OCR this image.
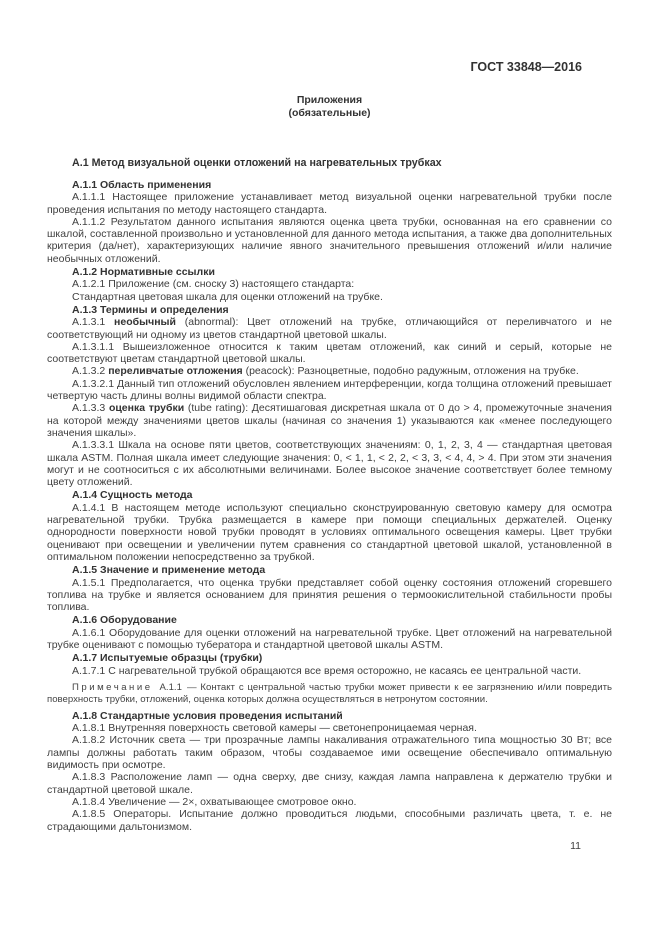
ГОСТ 33848—2016
Приложения
(обязательные)
А.1 Метод визуальной оценки отложений на нагревательных трубках

А.1.1 Область применения

А.1.1.1 Настоящее приложение устанавливает метод визуальной оценки нагревательной трубки после проведения испытания по методу настоящего стандарта.

А.1.1.2 Результатом данного испытания являются оценка цвета трубки, основанная на его сравнении со шкалой, составленной произвольно и установленной для данного метода испытания, а также два дополнительных критерия (да/нет), характеризующих наличие явного значительного превышения отложений и/или наличие необычных отложений.

А.1.2 Нормативные ссылки

А.1.2.1 Приложение (см. сноску 3) настоящего стандарта:

Стандартная цветовая шкала для оценки отложений на трубке.

А.1.3 Термины и определения

А.1.3.1 необычный (abnormal): Цвет отложений на трубке, отличающийся от переливчатого и не соответствующий ни одному из цветов стандартной цветовой шкалы.

А.1.3.1.1 Вышеизложенное относится к таким цветам отложений, как синий и серый, которые не соответствуют цветам стандартной цветовой шкалы.

А.1.3.2 переливчатые отложения (peacock): Разноцветные, подобно радужным, отложения на трубке.

А.1.3.2.1 Данный тип отложений обусловлен явлением интерференции, когда толщина отложений превышает четвертую часть длины волны видимой области спектра.

А.1.3.3 оценка трубки (tube rating): Десятишаговая дискретная шкала от 0 до > 4, промежуточные значения на которой между значениями цветов шкалы (начиная со значения 1) указываются как «менее последующего значения шкалы».

А.1.3.3.1 Шкала на основе пяти цветов, соответствующих значениям: 0, 1, 2, 3, 4 — стандартная цветовая шкала ASTM. Полная шкала имеет следующие значения: 0, < 1, 1, < 2, 2, < 3, 3, < 4, 4, > 4. При этом эти значения могут и не соотноситься с их абсолютными величинами. Более высокое значение соответствует более темному цвету отложений.

А.1.4 Сущность метода

А.1.4.1 В настоящем методе используют специально сконструированную световую камеру для осмотра нагревательной трубки. Трубка размещается в камере при помощи специальных держателей. Оценку однородности поверхности новой трубки проводят в условиях оптимального освещения камеры. Цвет трубки оценивают при освещении и увеличении путем сравнения со стандартной цветовой шкалой, установленной в оптимальном положении непосредственно за трубкой.

А.1.5 Значение и применение метода

А.1.5.1 Предполагается, что оценка трубки представляет собой оценку состояния отложений сгоревшего топлива на трубке и является основанием для принятия решения о термоокислительной стабильности пробы топлива.

А.1.6 Оборудование

А.1.6.1 Оборудование для оценки отложений на нагревательной трубке. Цвет отложений на нагревательной трубке оценивают с помощью тубератора и стандартной цветовой шкалы ASTM.

А.1.7 Испытуемые образцы (трубки)

А.1.7.1 С нагревательной трубкой обращаются все время осторожно, не касаясь ее центральной части.

Примечание А.1.1 — Контакт с центральной частью трубки может привести к ее загрязнению и/или повредить поверхность трубки, отложений, оценка которых должна осуществляться в нетронутом состоянии.

А.1.8 Стандартные условия проведения испытаний

А.1.8.1 Внутренняя поверхность световой камеры — светонепроницаемая черная.

А.1.8.2 Источник света — три прозрачные лампы накаливания отражательного типа мощностью 30 Вт; все лампы должны работать таким образом, чтобы создаваемое ими освещение обеспечивало оптимальную видимость при осмотре.

А.1.8.3 Расположение ламп — одна сверху, две снизу, каждая лампа направлена к держателю трубки и стандартной цветовой шкале.

А.1.8.4 Увеличение — 2×, охватывающее смотровое окно.

А.1.8.5 Операторы. Испытание должно проводиться людьми, способными различать цвета, т. е. не страдающими дальтонизмом.

11
